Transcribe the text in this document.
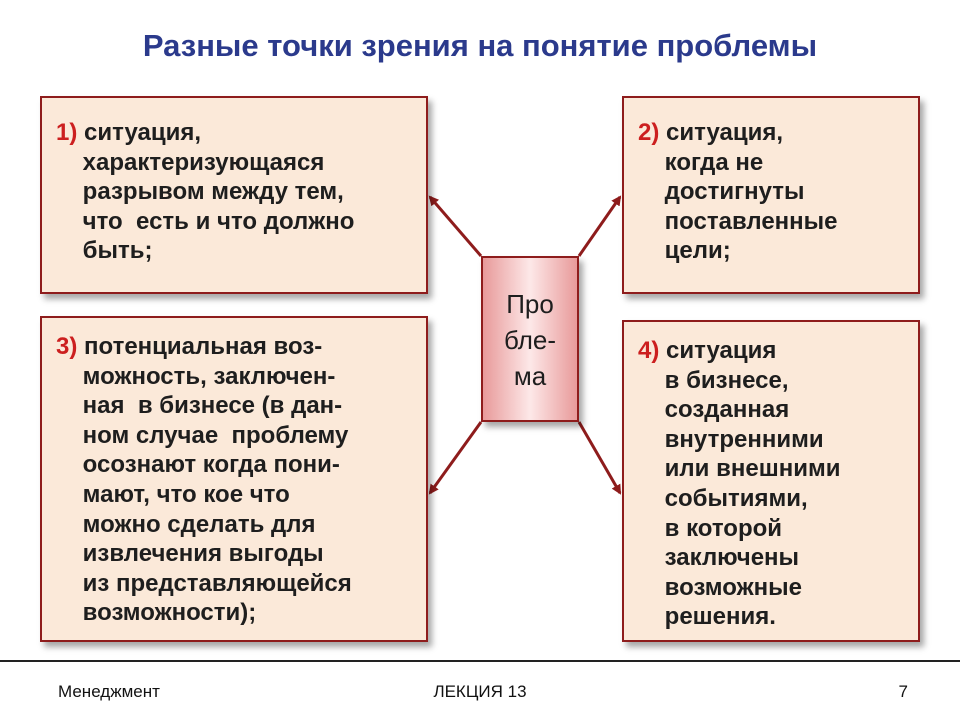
Разные точки зрения на понятие проблемы
1) ситуация,
характеризующаяся
разрывом между тем,
что  есть и что должно
быть;
2) ситуация,
когда не
достигнуты
поставленные
цели;
3) потенциальная воз-
можность, заключен-
ная  в бизнесе (в дан-
ном случае  проблему
осознают когда пони-
мают, что кое что
можно сделать для
извлечения выгоды
из представляющейся
возможности);
4) ситуация
в бизнесе,
созданная
внутренними
или внешними
событиями,
в которой
заключены
возможные
решения.
Про
бле-
ма
Менеджмент	ЛЕКЦИЯ 13	7
